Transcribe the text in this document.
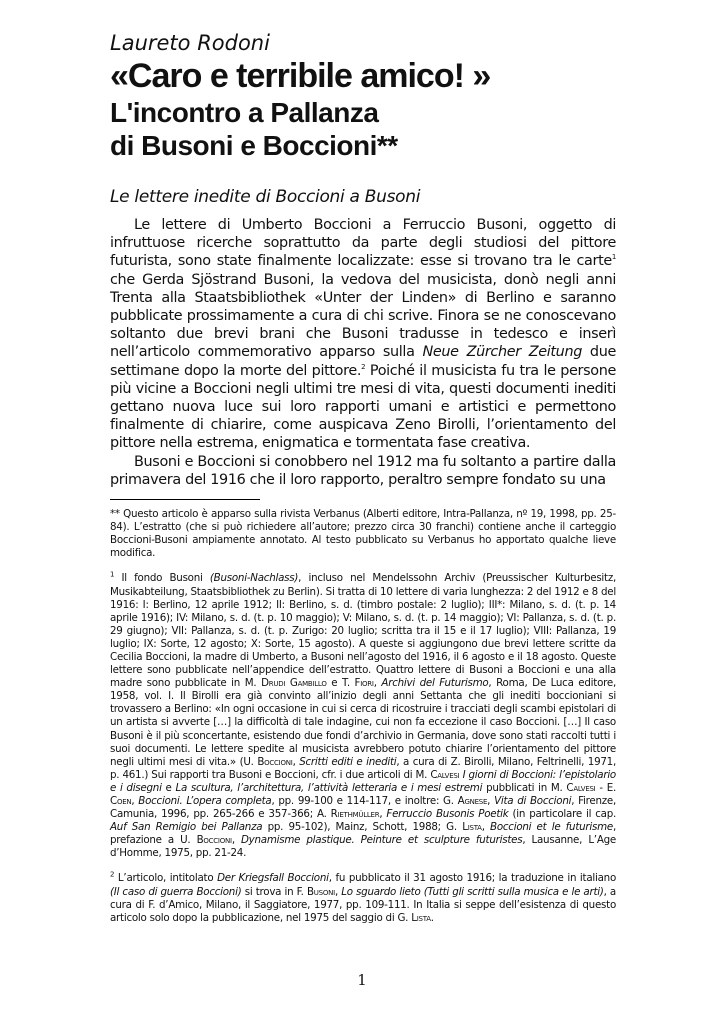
Laureto Rodoni

«Caro e terribile amico! »

L'incontro a Pallanza

di Busoni e Boccioni**

Le lettere inedite di Boccioni a Busoni

Le lettere di Umberto Boccioni a Ferruccio Busoni, oggetto di infruttuose ricerche soprattutto da parte degli studiosi del pittore futurista, sono state finalmente localizzate: esse si trovano tra le carte$^1$ che Gerda Sjöstrand Busoni, la vedova del musicista, donò negli anni Trenta alla Staatsbibliothek «Unter der Linden» di Berlino e saranno pubblicate prossimamente a cura di chi scrive. Finora se ne conoscevano soltanto due brevi brani che Busoni tradusse in tedesco e inserì nell’articolo commemorativo apparso sulla Neue Zürcher Zeitung due settimane dopo la morte del pittore.$^2$ Poiché il musicista fu tra le persone più vicine a Boccioni negli ultimi tre mesi di vita, questi documenti inediti gettano nuova luce sui loro rapporti umani e artistici e permettono finalmente di chiarire, come auspicava Zeno Birolli, l’orientamento del pittore nella estrema, enigmatica e tormentata fase creativa.

Busoni e Boccioni si conobbero nel 1912 ma fu soltanto a partire dalla primavera del 1916 che il loro rapporto, peraltro sempre fondato su una

** Questo articolo è apparso sulla rivista Verbanus (Alberti editore, Intra-Pallanza, nº 19, 1998, pp. 25-84). L’estratto (che si può richiedere all’autore; prezzo circa 30 franchi) contiene anche il carteggio Boccioni-Busoni ampiamente annotato. Al testo pubblicato su Verbanus ho apportato qualche lieve modifica.

$^1$ Il fondo Busoni (Busoni-Nachlass), incluso nel Mendelssohn Archiv (Preussischer Kulturbesitz, Musikabteilung, Staatsbibliothek zu Berlin). Si tratta di 10 lettere di varia lunghezza: 2 del 1912 e 8 del 1916: I: Berlino, 12 aprile 1912; II: Berlino, s. d. (timbro postale: 2 luglio); III*: Milano, s. d. (t. p. 14 aprile 1916); IV: Milano, s. d. (t. p. 10 maggio); V: Milano, s. d. (t. p. 14 maggio); VI: Pallanza, s. d. (t. p. 29 giugno); VII: Pallanza, s. d. (t. p. Zurigo: 20 luglio; scritta tra il 15 e il 17 luglio); VIII: Pallanza, 19 luglio; IX: Sorte, 12 agosto; X: Sorte, 15 agosto). A queste si aggiungono due brevi lettere scritte da Cecilia Boccioni, la madre di Umberto, a Busoni nell’agosto del 1916, il 6 agosto e il 18 agosto. Queste lettere sono pubblicate nell’appendice dell’estratto. Quattro lettere di Busoni a Boccioni e una alla madre sono pubblicate in M. Drudi Gambillo e T. Fiori, Archivi del Futurismo, Roma, De Luca editore, 1958, vol. I. Il Birolli era già convinto all’inizio degli anni Settanta che gli inediti boccioniani si trovassero a Berlino: «In ogni occasione in cui si cerca di ricostruire i tracciati degli scambi epistolari di un artista si avverte […] la difficoltà di tale indagine, cui non fa eccezione il caso Boccioni. […] Il caso Busoni è il più sconcertante, esistendo due fondi d’archivio in Germania, dove sono stati raccolti tutti i suoi documenti. Le lettere spedite al musicista avrebbero potuto chiarire l’orientamento del pittore negli ultimi mesi di vita.» (U. Boccioni, Scritti editi e inediti, a cura di Z. Birolli, Milano, Feltrinelli, 1971, p. 461.) Sui rapporti tra Busoni e Boccioni, cfr. i due articoli di M. Calvesi I giorni di Boccioni: l’epistolario e i disegni e La scultura, l’architettura, l’attività letteraria e i mesi estremi pubblicati in M. Calvesi - E. Coen, Boccioni. L’opera completa, pp. 99-100 e 114-117, e inoltre: G. Agnese, Vita di Boccioni, Firenze, Camunia, 1996, pp. 265-266 e 357-366; A. Riethmüller, Ferruccio Busonis Poetik (in particolare il cap. Auf San Remigio bei Pallanza pp. 95-102), Mainz, Schott, 1988; G. Lista, Boccioni et le futurisme, prefazione a U. Boccioni, Dynamisme plastique. Peinture et sculpture futuristes, Lausanne, L’Age d’Homme, 1975, pp. 21-24.

$^2$ L’articolo, intitolato Der Kriegsfall Boccioni, fu pubblicato il 31 agosto 1916; la traduzione in italiano (Il caso di guerra Boccioni) si trova in F. Busoni, Lo sguardo lieto (Tutti gli scritti sulla musica e le arti), a cura di F. d’Amico, Milano, il Saggiatore, 1977, pp. 109-111. In Italia si seppe dell’esistenza di questo articolo solo dopo la pubblicazione, nel 1975 del saggio di G. Lista.

1
